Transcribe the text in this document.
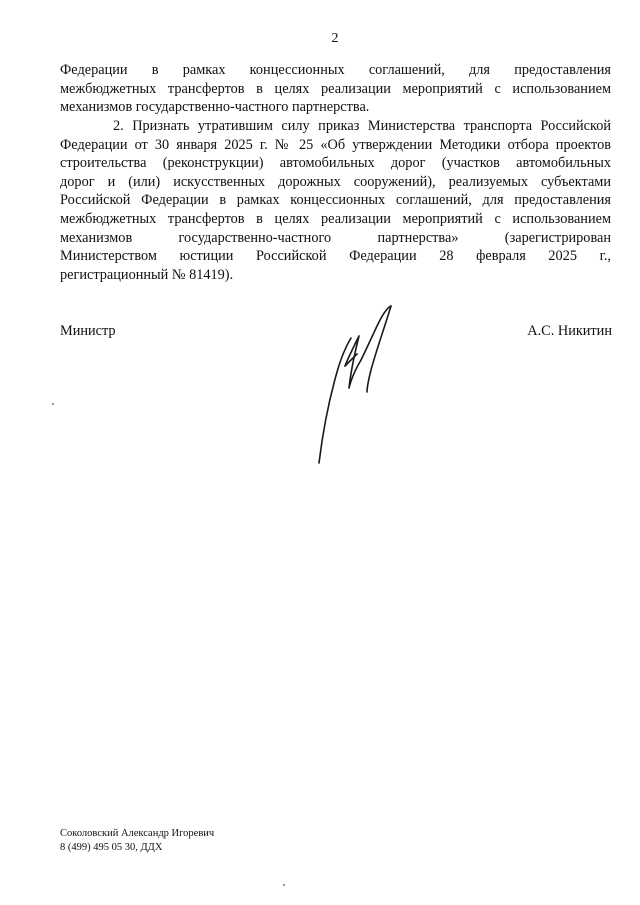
2

Федерации в рамках концессионных соглашений, для предоставления
межбюджетных трансфертов в целях реализации мероприятий с использованием
механизмов государственно-частного партнерства.

2. Признать утратившим силу приказ Министерства транспорта Российской
Федерации от 30 января 2025 г. № 25 «Об утверждении Методики отбора проектов
строительства (реконструкции) автомобильных дорог (участков автомобильных
дорог и (или) искусственных дорожных сооружений), реализуемых субъектами
Российской Федерации в рамках концессионных соглашений, для предоставления
межбюджетных трансфертов в целях реализации мероприятий с использованием
механизмов государственно-частного партнерства» (зарегистрирован
Министерством юстиции Российской Федерации 28 февраля 2025 г.,
регистрационный № 81419).

Министр	А.С. Никитин
Соколовский Александр Игоревич
8 (499) 495 05 30, ДДХ
